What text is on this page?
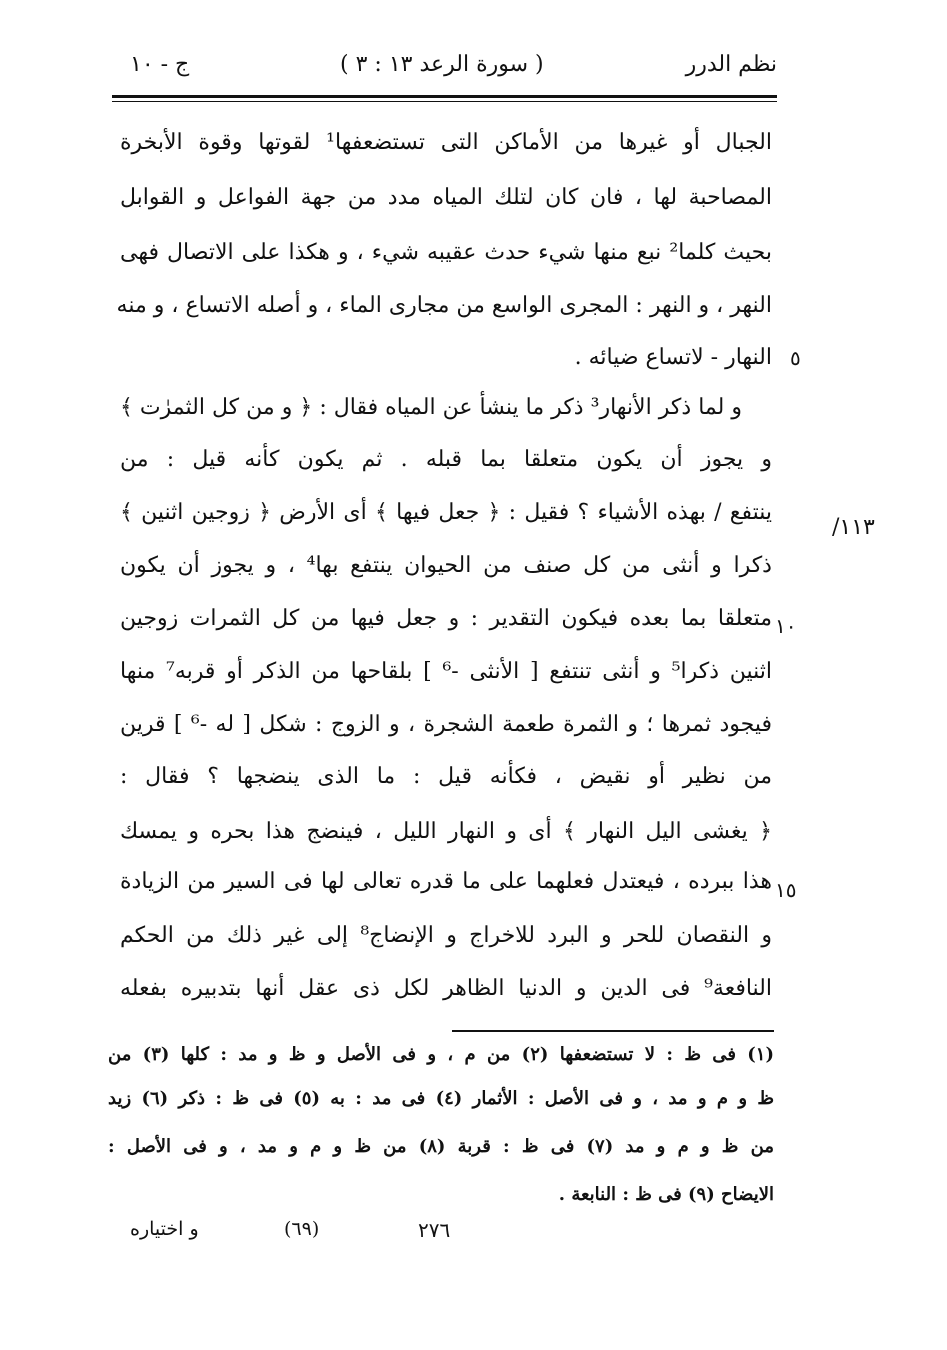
نظم الدرر
( سورة الرعد ١٣ : ٣ )
ج - ١٠
الجبال أو غيرها من الأماكن التى تستضعفها¹ لقوتها وقوة الأبخرة
المصاحبة لها ، فان كان لتلك المياه مدد من جهة الفواعل و القوابل
بحيث كلما² نبع منها شيء حدث عقيبه شيء ، و هكذا على الاتصال فهى
النهر ، و النهر : المجرى الواسع من مجارى الماء ، و أصله الاتساع ، و منه
النهار - لاتساع ضيائه .
و لما ذكر الأنهار³ ذكر ما ينشأ عن المياه فقال : ﴿ و من كل الثمرٰت ﴾
و يجوز أن يكون متعلقا بما قبله . ثم يكون كأنه قيل : من
ينتفع / بهذه الأشياء ؟ فقيل : ﴿ جعل فيها ﴾ أى الأرض ﴿ زوجين اثنين ﴾
ذكرا و أنثى من كل صنف من الحيوان ينتفع بها⁴ ، و يجوز أن يكون
متعلقا بما بعده فيكون التقدير : و جعل فيها من كل الثمرات زوجين
اثنين ذكرا⁵ و أنثى تنتفع [ الأنثى -⁶ ] بلقاحها من الذكر أو قربه⁷ منها
فيجود ثمرها ؛ و الثمرة طعمة الشجرة ، و الزوج : شكل [ له -⁶ ] قرين
من نظير أو نقيض ، فكأنه قيل : ما الذى ينضجها ؟ فقال :
﴿ يغشى اليل النهار ﴾ أى و النهار الليل ، فينضج هذا بحره و يمسك
هذا ببرده ، فيعتدل فعلهما على ما قدره تعالى لها فى السير من الزيادة
و النقصان للحر و البرد للاخراج و الإنضاج⁸ إلى غير ذلك من الحكم
النافعة⁹ فى الدين و الدنيا الظاهر لكل ذى عقل أنها بتدبيره بفعله
٥
١٠
١٥
١١٣/
(١) فى ظ : لا تستضعفها (٢) من م ، و فى الأصل و ظ و مد : كلها (٣) من
ظ و م و مد ، و فى الأصل : الأثمار (٤) فى مد : به (٥) فى ظ : ذكر (٦) زيد
من ظ و م و مد (٧) فى ظ : قربة (٨) من ظ و م و مد ، و فى الأصل :
الايضاح (٩) فى ظ : النابعة .
و اختياره	(٦٩)	٢٧٦
